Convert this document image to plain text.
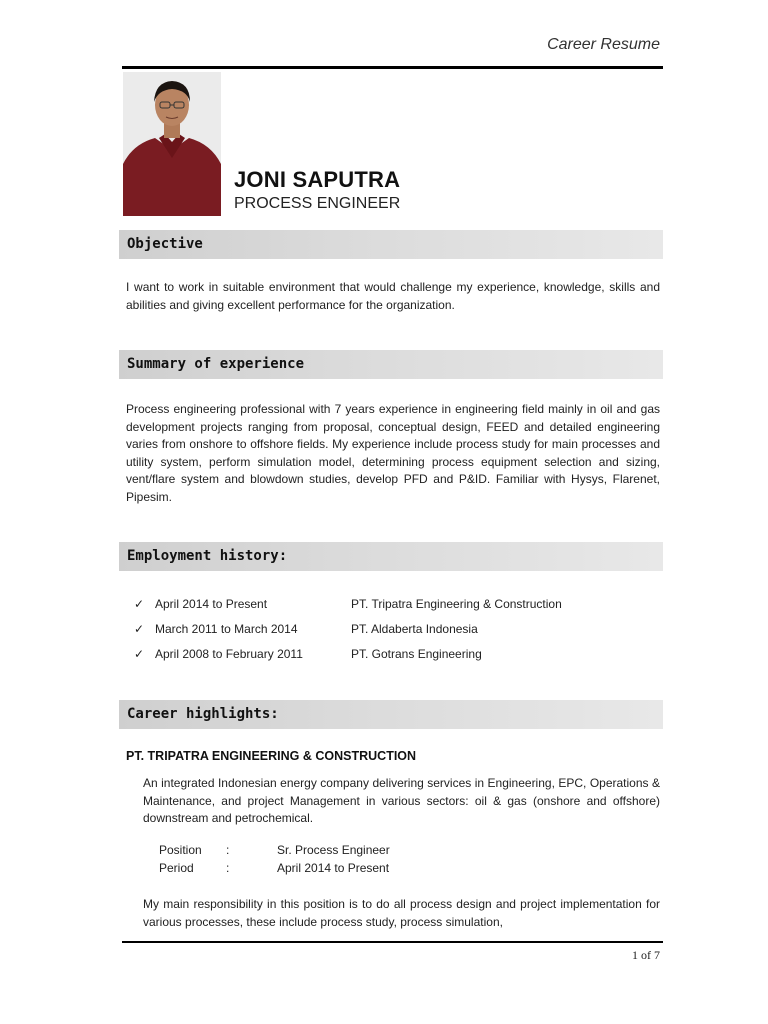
Career Resume
JONI SAPUTRA
PROCESS ENGINEER
Objective

I want to work in suitable environment that would challenge my experience, knowledge, skills and abilities and giving excellent performance for the organization.

Summary of experience

Process engineering professional with 7 years experience in engineering field mainly in oil and gas development projects ranging from proposal, conceptual design, FEED and detailed engineering varies from onshore to offshore fields. My experience include process study for main processes and utility system, perform simulation model, determining process equipment selection and sizing, vent/flare system and blowdown studies, develop PFD and P&ID. Familiar with Hysys, Flarenet, Pipesim.

Employment history:
✓ April 2014 to Present	PT. Tripatra Engineering & Construction
✓ March 2011 to March 2014	PT. Aldaberta Indonesia
✓ April 2008 to February 2011	PT. Gotrans Engineering
Career highlights:
PT. TRIPATRA ENGINEERING & CONSTRUCTION

An integrated Indonesian energy company delivering services in Engineering, EPC, Operations & Maintenance, and project Management in various sectors: oil & gas (onshore and offshore) downstream and petrochemical.

Position :	Sr. Process Engineer
Period	:	April 2014 to Present

My main responsibility in this position is to do all process design and project implementation for various processes, these include process study, process simulation,

1 of 7
